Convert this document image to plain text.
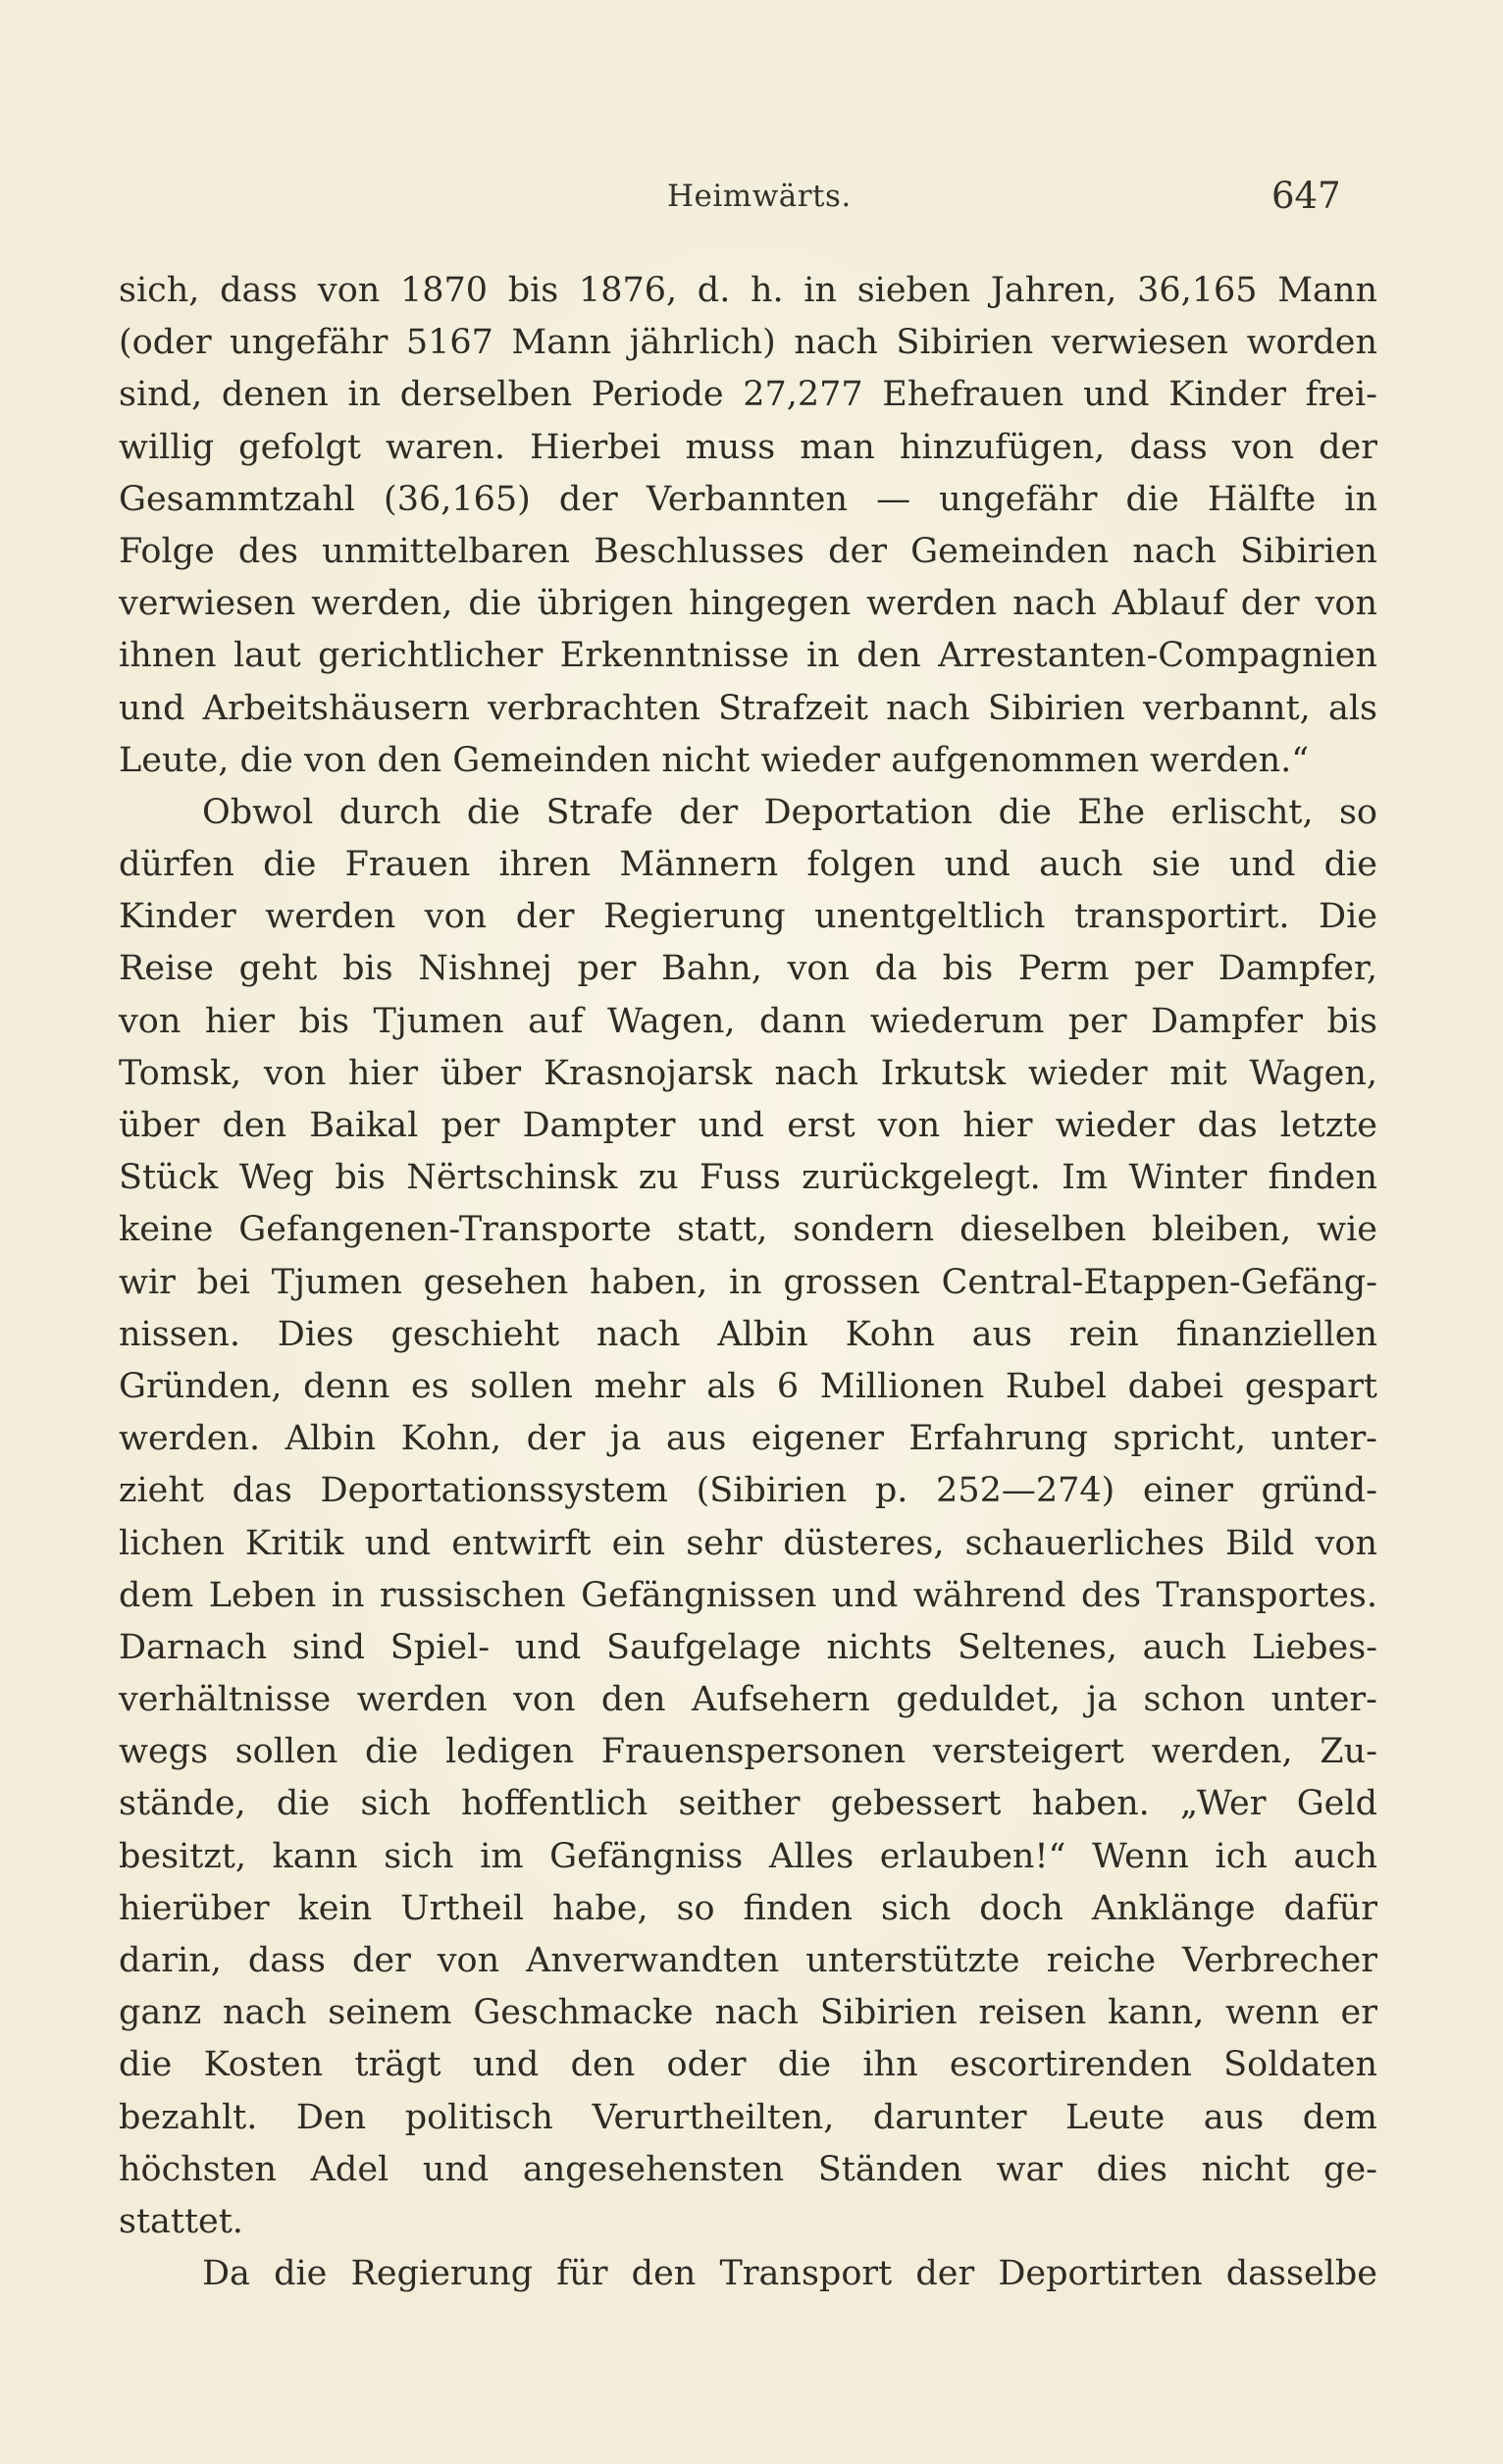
Heimwärts.	647
sich, dass von 1870 bis 1876, d. h. in sieben Jahren, 36,165 Mann
(oder ungefähr 5167 Mann jährlich) nach Sibirien verwiesen worden
sind, denen in derselben Periode 27,277 Ehefrauen und Kinder frei-
willig gefolgt waren. Hierbei muss man hinzufügen, dass von der
Gesammtzahl (36,165) der Verbannten — ungefähr die Hälfte in
Folge des unmittelbaren Beschlusses der Gemeinden nach Sibirien
verwiesen werden, die übrigen hingegen werden nach Ablauf der von
ihnen laut gerichtlicher Erkenntnisse in den Arrestanten-Compagnien
und Arbeitshäusern verbrachten Strafzeit nach Sibirien verbannt, als
Leute, die von den Gemeinden nicht wieder aufgenommen werden.“
Obwol durch die Strafe der Deportation die Ehe erlischt, so
dürfen die Frauen ihren Männern folgen und auch sie und die
Kinder werden von der Regierung unentgeltlich transportirt. Die
Reise geht bis Nishnej per Bahn, von da bis Perm per Dampfer,
von hier bis Tjumen auf Wagen, dann wiederum per Dampfer bis
Tomsk, von hier über Krasnojarsk nach Irkutsk wieder mit Wagen,
über den Baikal per Dampter und erst von hier wieder das letzte
Stück Weg bis Nërtschinsk zu Fuss zurückgelegt. Im Winter finden
keine Gefangenen-Transporte statt, sondern dieselben bleiben, wie
wir bei Tjumen gesehen haben, in grossen Central-Etappen-Gefäng-
nissen. Dies geschieht nach Albin Kohn aus rein finanziellen
Gründen, denn es sollen mehr als 6 Millionen Rubel dabei gespart
werden. Albin Kohn, der ja aus eigener Erfahrung spricht, unter-
zieht das Deportationssystem (Sibirien p. 252—274) einer gründ-
lichen Kritik und entwirft ein sehr düsteres, schauerliches Bild von
dem Leben in russischen Gefängnissen und während des Transportes.
Darnach sind Spiel- und Saufgelage nichts Seltenes, auch Liebes-
verhältnisse werden von den Aufsehern geduldet, ja schon unter-
wegs sollen die ledigen Frauenspersonen versteigert werden, Zu-
stände, die sich hoffentlich seither gebessert haben. „Wer Geld
besitzt, kann sich im Gefängniss Alles erlauben!“ Wenn ich auch
hierüber kein Urtheil habe, so finden sich doch Anklänge dafür
darin, dass der von Anverwandten unterstützte reiche Verbrecher
ganz nach seinem Geschmacke nach Sibirien reisen kann, wenn er
die Kosten trägt und den oder die ihn escortirenden Soldaten
bezahlt. Den politisch Verurtheilten, darunter Leute aus dem
höchsten Adel und angesehensten Ständen war dies nicht ge-
stattet.
Da die Regierung für den Transport der Deportirten dasselbe
